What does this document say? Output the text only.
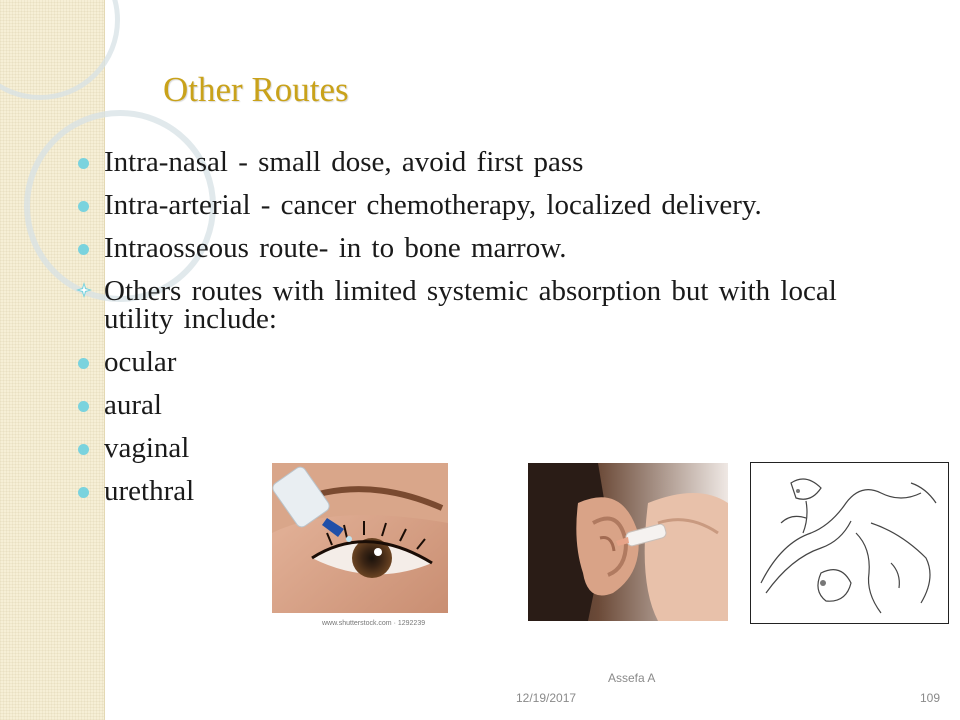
Other Routes
Intra-nasal - small dose, avoid first pass
Intra-arterial - cancer chemotherapy, localized delivery.
Intraosseous route- in to bone marrow.
Others routes with limited systemic absorption but with local utility include:
ocular
aural
vaginal
urethral
www.shutterstock.com · 1292239
Assefa A
12/19/2017	109
